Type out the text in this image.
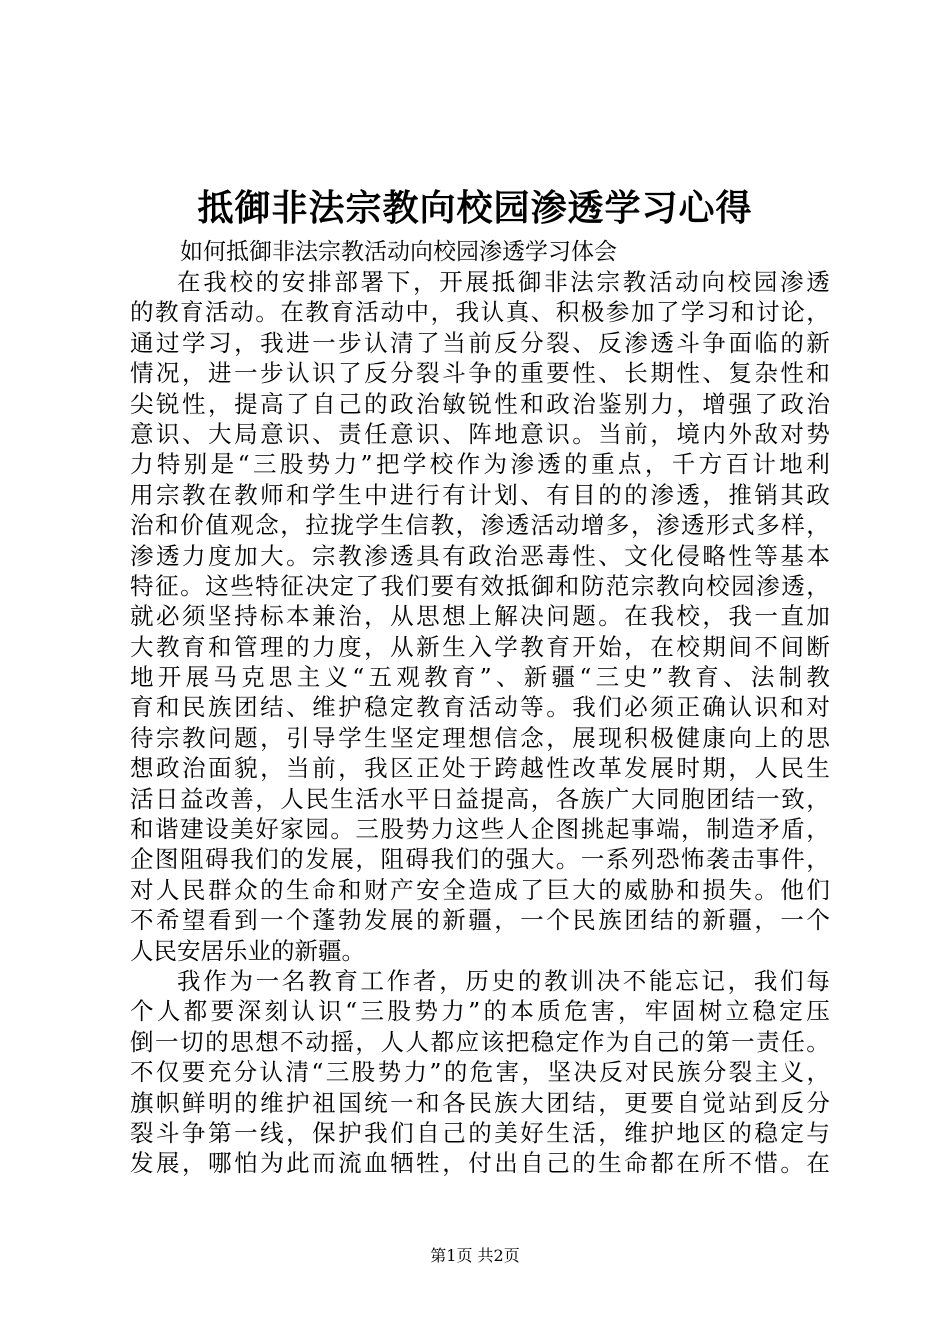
抵御非法宗教向校园渗透学习心得
如何抵御非法宗教活动向校园渗透学习体会
　　在 我 校 的 安 排 部 署 下 ， 开 展 抵 御 非 法 宗 教 活 动 向 校 园 渗 透
的 教 育 活 动 。 在 教 育 活 动 中 ， 我 认 真 、 积 极 参 加 了 学 习 和 讨 论 ，
通 过 学 习 ， 我 进 一 步 认 清 了 当 前 反 分 裂 、 反 渗 透 斗 争 面 临 的 新
情 况 ， 进 一 步 认 识 了 反 分 裂 斗 争 的 重 要 性 、 长 期 性 、 复 杂 性 和
尖 锐 性 ， 提 高 了 自 己 的 政 治 敏 锐 性 和 政 治 鉴 别 力 ， 增 强 了 政 治
意 识 、 大 局 意 识 、 责 任 意 识 、 阵 地 意 识 。 当 前 ， 境 内 外 敌 对 势
力 特 别 是 “ 三 股 势 力 ” 把 学 校 作 为 渗 透 的 重 点 ， 千 方 百 计 地 利
用 宗 教 在 教 师 和 学 生 中 进 行 有 计 划 、 有 目 的 的 渗 透 ， 推 销 其 政
治 和 价 值 观 念 ， 拉 拢 学 生 信 教 ， 渗 透 活 动 增 多 ， 渗 透 形 式 多 样 ，
渗 透 力 度 加 大 。 宗 教 渗 透 具 有 政 治 恶 毒 性 、 文 化 侵 略 性 等 基 本
特 征 。 这 些 特 征 决 定 了 我 们 要 有 效 抵 御 和 防 范 宗 教 向 校 园 渗 透 ，
就 必 须 坚 持 标 本 兼 治 ， 从 思 想 上 解 决 问 题 。 在 我 校 ， 我 一 直 加
大 教 育 和 管 理 的 力 度 ， 从 新 生 入 学 教 育 开 始 ， 在 校 期 间 不 间 断
地 开 展 马 克 思 主 义 “ 五 观 教 育 ” 、 新 疆 “ 三 史 ” 教 育 、 法 制 教
育 和 民 族 团 结 、 维 护 稳 定 教 育 活 动 等 。 我 们 必 须 正 确 认 识 和 对
待 宗 教 问 题 ， 引 导 学 生 坚 定 理 想 信 念 ， 展 现 积 极 健 康 向 上 的 思
想 政 治 面 貌 ， 当 前 ， 我 区 正 处 于 跨 越 性 改 革 发 展 时 期 ， 人 民 生
活 日 益 改 善 ， 人 民 生 活 水 平 日 益 提 高 ， 各 族 广 大 同 胞 团 结 一 致 ，
和 谐 建 设 美 好 家 园 。 三 股 势 力 这 些 人 企 图 挑 起 事 端 ， 制 造 矛 盾 ，
企 图 阻 碍 我 们 的 发 展 ， 阻 碍 我 们 的 强 大 。 一 系 列 恐 怖 袭 击 事 件 ，
对 人 民 群 众 的 生 命 和 财 产 安 全 造 成 了 巨 大 的 威 胁 和 损 失 。 他 们
不 希 望 看 到 一 个 蓬 勃 发 展 的 新 疆 ， 一 个 民 族 团 结 的 新 疆 ， 一 个
人民安居乐业的新疆。
　　我 作 为 一 名 教 育 工 作 者 ， 历 史 的 教 训 决 不 能 忘 记 ， 我 们 每
个 人 都 要 深 刻 认 识 “ 三 股 势 力 ” 的 本 质 危 害 ， 牢 固 树 立 稳 定 压
倒 一 切 的 思 想 不 动 摇 ， 人 人 都 应 该 把 稳 定 作 为 自 己 的 第 一 责 任 。
不 仅 要 充 分 认 清 “ 三 股 势 力 ” 的 危 害 ， 坚 决 反 对 民 族 分 裂 主 义 ，
旗 帜 鲜 明 的 维 护 祖 国 统 一 和 各 民 族 大 团 结 ， 更 要 自 觉 站 到 反 分
裂 斗 争 第 一 线 ， 保 护 我 们 自 己 的 美 好 生 活 ， 维 护 地 区 的 稳 定 与
发 展 ， 哪 怕 为 此 而 流 血 牺 牲 ， 付 出 自 己 的 生 命 都 在 所 不 惜 。 在
第1页 共2页
